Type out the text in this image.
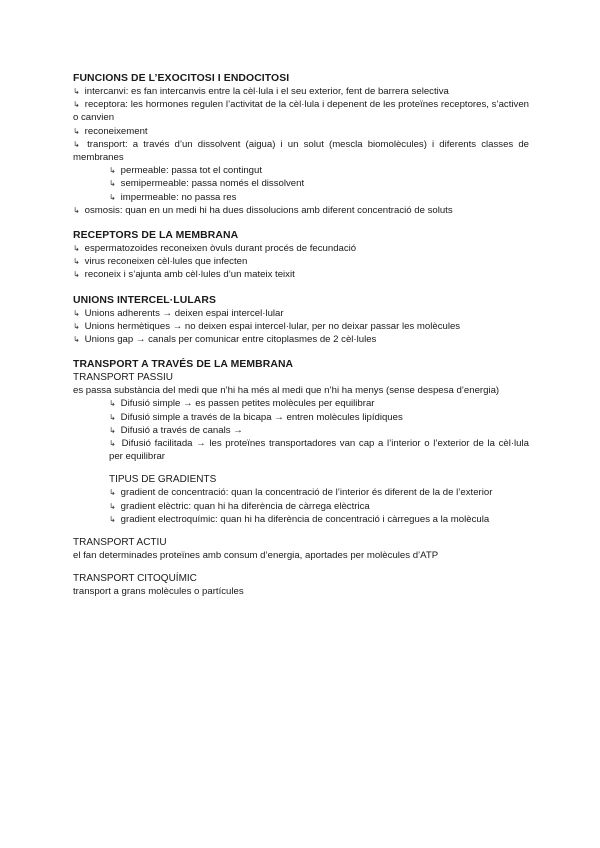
FUNCIONS DE L’EXOCITOSI I ENDOCITOSI

↳ intercanvi: es fan intercanvis entre la cèl·lula i el seu exterior, fent de barrera selectiva

↳ receptora: les hormones regulen l’activitat de la cèl·lula i depenent de les proteïnes receptores, s’activen o canvien

↳ reconeixement

↳ transport: a través d’un dissolvent (aigua) i un solut (mescla biomolècules) i diferents classes de membranes

↳ permeable: passa tot el contingut

↳ semipermeable: passa només el dissolvent

↳ impermeable: no passa res

↳ osmosis: quan en un medi hi ha dues dissolucions amb diferent concentració de soluts

RECEPTORS DE LA MEMBRANA

↳ espermatozoides reconeixen òvuls durant procés de fecundació

↳ virus reconeixen cèl·lules que infecten

↳ reconeix i s’ajunta amb cèl·lules d’un mateix teixit

UNIONS INTERCEL·LULARS

↳ Unions adherents → deixen espai intercel·lular

↳ Unions hermètiques → no deixen espai intercel·lular, per no deixar passar les molècules

↳ Unions gap → canals per comunicar entre citoplasmes de 2 cèl·lules

TRANSPORT A TRAVÉS DE LA MEMBRANA

TRANSPORT PASSIU

es passa substància del medi que n’hi ha més al medi que n’hi ha menys (sense despesa d’energia)

↳ Difusió simple → es passen petites molècules per equilibrar

↳ Difusió simple a través de la bicapa → entren molècules lipídiques

↳ Difusió a través de canals →

↳ Difusió facilitada → les proteïnes transportadores van cap a l’interior o l’exterior de la cèl·lula per equilibrar

TIPUS DE GRADIENTS

↳ gradient de concentració: quan la concentració de l’interior és diferent de la de l’exterior

↳ gradient elèctric: quan hi ha diferència de càrrega elèctrica

↳ gradient electroquímic: quan hi ha diferència de concentració i càrregues a la molècula

TRANSPORT ACTIU

el fan determinades proteïnes amb consum d’energia, aportades per molècules d’ATP

TRANSPORT CITOQUÍMIC

transport a grans molècules o partícules
